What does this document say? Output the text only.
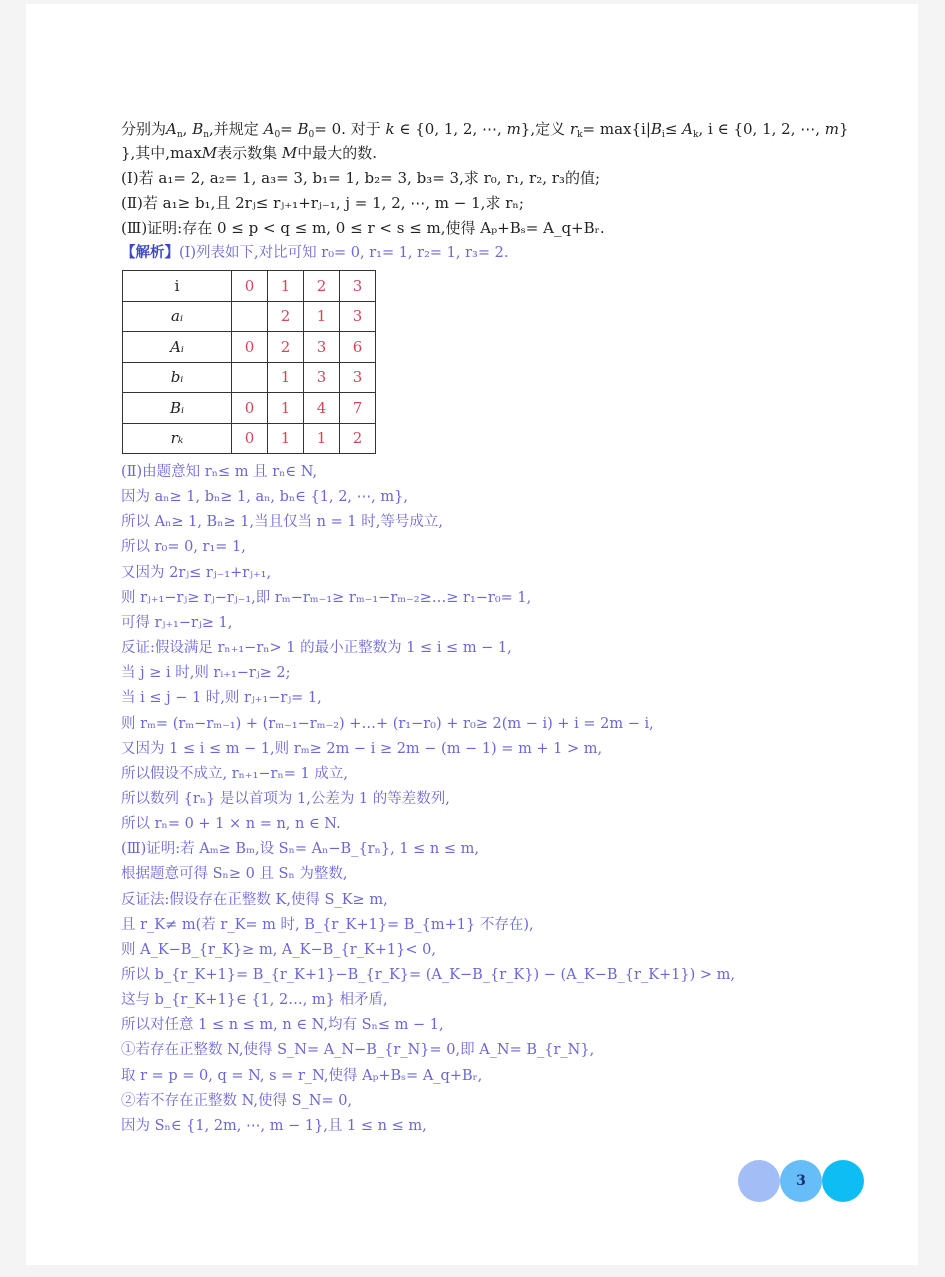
分别为$A_n$, $B_n$,并规定 $A_0= B_0= 0$. 对于 k ∈ {0, 1, 2, ⋯, m},定义 $r_k= \max\{i|B_i\le A_k$, i ∈ {0, 1, 2, ⋯, m}
},其中,maxM表示数集 M中最大的数.
(Ⅰ)若 a₁= 2, a₂= 1, a₃= 3, b₁= 1, b₂= 3, b₃= 3,求 r₀, r₁, r₂, r₃的值;
(Ⅱ)若 a₁≥ b₁,且 2rⱼ≤ rⱼ₊₁+rⱼ₋₁, j = 1, 2, ⋯, m − 1,求 rₙ;
(Ⅲ)证明:存在 0 ≤ p < q ≤ m, 0 ≤ r < s ≤ m,使得 Aₚ+Bₛ= A_q+Bᵣ.
【解析】(Ⅰ)列表如下,对比可知 r₀= 0, r₁= 1, r₂= 1, r₃= 2.
i	0	1	2	3
aᵢ		2	1	3
Aᵢ	0	2	3	6
bᵢ		1	3	3
Bᵢ	0	1	4	7
rₖ	0	1	1	2
(Ⅱ)由题意知 rₙ≤ m 且 rₙ∈ N,
因为 aₙ≥ 1, bₙ≥ 1, aₙ, bₙ∈ {1, 2, ⋯, m},
所以 Aₙ≥ 1, Bₙ≥ 1,当且仅当 n = 1 时,等号成立,
所以 r₀= 0, r₁= 1,
又因为 2rⱼ≤ rⱼ₋₁+rⱼ₊₁,
则 rⱼ₊₁−rⱼ≥ rⱼ−rⱼ₋₁,即 rₘ−rₘ₋₁≥ rₘ₋₁−rₘ₋₂≥…≥ r₁−r₀= 1,
可得 rⱼ₊₁−rⱼ≥ 1,
反证:假设满足 rₙ₊₁−rₙ> 1 的最小正整数为 1 ≤ i ≤ m − 1,
当 j ≥ i 时,则 rᵢ₊₁−rⱼ≥ 2;
当 i ≤ j − 1 时,则 rⱼ₊₁−rⱼ= 1,
则 rₘ= (rₘ−rₘ₋₁) + (rₘ₋₁−rₘ₋₂) +…+ (r₁−r₀) + r₀≥ 2(m − i) + i = 2m − i,
又因为 1 ≤ i ≤ m − 1,则 rₘ≥ 2m − i ≥ 2m − (m − 1) = m + 1 > m,
所以假设不成立, rₙ₊₁−rₙ= 1 成立,
所以数列 {rₙ} 是以首项为 1,公差为 1 的等差数列,
所以 rₙ= 0 + 1 × n = n, n ∈ N.
(Ⅲ)证明:若 Aₘ≥ Bₘ,设 Sₙ= Aₙ−B_{rₙ}, 1 ≤ n ≤ m,
根据题意可得 Sₙ≥ 0 且 Sₙ 为整数,
反证法:假设存在正整数 K,使得 S_K≥ m,
且 r_K≠ m(若 r_K= m 时, B_{r_K+1}= B_{m+1} 不存在),
则 A_K−B_{r_K}≥ m, A_K−B_{r_K+1}< 0,
所以 b_{r_K+1}= B_{r_K+1}−B_{r_K}= (A_K−B_{r_K}) − (A_K−B_{r_K+1}) > m,
这与 b_{r_K+1}∈ {1, 2…, m} 相矛盾,
所以对任意 1 ≤ n ≤ m, n ∈ N,均有 Sₙ≤ m − 1,
①若存在正整数 N,使得 S_N= A_N−B_{r_N}= 0,即 A_N= B_{r_N},
取 r = p = 0, q = N, s = r_N,使得 Aₚ+Bₛ= A_q+Bᵣ,
②若不存在正整数 N,使得 S_N= 0,
因为 Sₙ∈ {1, 2m, ⋯, m − 1},且 1 ≤ n ≤ m,
3
